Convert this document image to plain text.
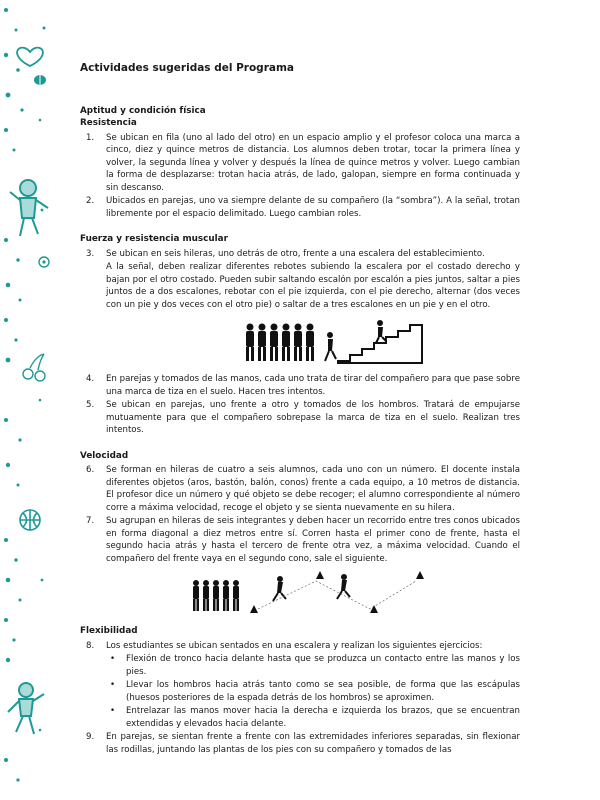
Actividades sugeridas del Programa
Aptitud y condición física
Resistencia
1. Se ubican en fila (uno al lado del otro) en un espacio amplio y el profesor coloca una marca a cinco, diez y quince metros de distancia. Los alumnos deben trotar, tocar la primera línea y volver, la segunda línea y volver y después la línea de quince metros y volver. Luego cambian la forma de desplazarse: trotan hacia atrás, de lado, galopan, siempre en forma continuada y sin descanso.
2. Ubicados en parejas, uno va siempre delante de su compañero (la “sombra”). A la señal, trotan libremente por el espacio delimitado. Luego cambian roles.
Fuerza y resistencia muscular
3. Se ubican en seis hileras, uno detrás de otro, frente a una escalera del establecimiento.
A la señal, deben realizar diferentes rebotes subiendo la escalera por el costado derecho y bajan por el otro costado. Pueden subir saltando escalón por escalón a pies juntos, saltar a pies juntos de a dos escalones, rebotar con el pie izquierda, con el pie derecho, alternar (dos veces con un pie y dos veces con el otro pie) o saltar de a tres escalones en un pie y en el otro.
4. En parejas y tomados de las manos, cada uno trata de tirar del compañero para que pase sobre una marca de tiza en el suelo. Hacen tres intentos.
5. Se ubican en parejas, uno frente a otro y tomados de los hombros. Tratará de empujarse mutuamente para que el compañero sobrepase la marca de tiza en el suelo. Realizan tres intentos.
Velocidad
6. Se forman en hileras de cuatro a seis alumnos, cada uno con un número. El docente instala diferentes objetos (aros, bastón, balón, conos) frente a cada equipo, a 10 metros de distancia. El profesor dice un número y qué objeto se debe recoger; el alumno correspondiente al número corre a máxima velocidad, recoge el objeto y se sienta nuevamente en su hilera.
7. Su agrupan en hileras de seis integrantes y deben hacer un recorrido entre tres conos ubicados en forma diagonal a diez metros entre sí. Corren hasta el primer cono de frente, hasta el segundo hacia atrás y hasta el tercero de frente otra vez, a máxima velocidad. Cuando el compañero del frente vaya en el segundo cono, sale el siguiente.
Flexibilidad
8. Los estudiantes se ubican sentados en una escalera y realizan los siguientes ejercicios:
• Flexión de tronco hacia delante hasta que se produzca un contacto entre las manos y los pies.
• Llevar los hombros hacia atrás tanto como se sea posible, de forma que las escápulas (huesos posteriores de la espada detrás de los hombros) se aproximen.
• Entrelazar las manos mover hacia la derecha e izquierda los brazos, que se encuentran extendidas y elevados hacia delante.
9. En parejas, se sientan frente a frente con las extremidades inferiores separadas, sin flexionar las rodillas, juntando las plantas de los pies con su compañero y tomados de las
